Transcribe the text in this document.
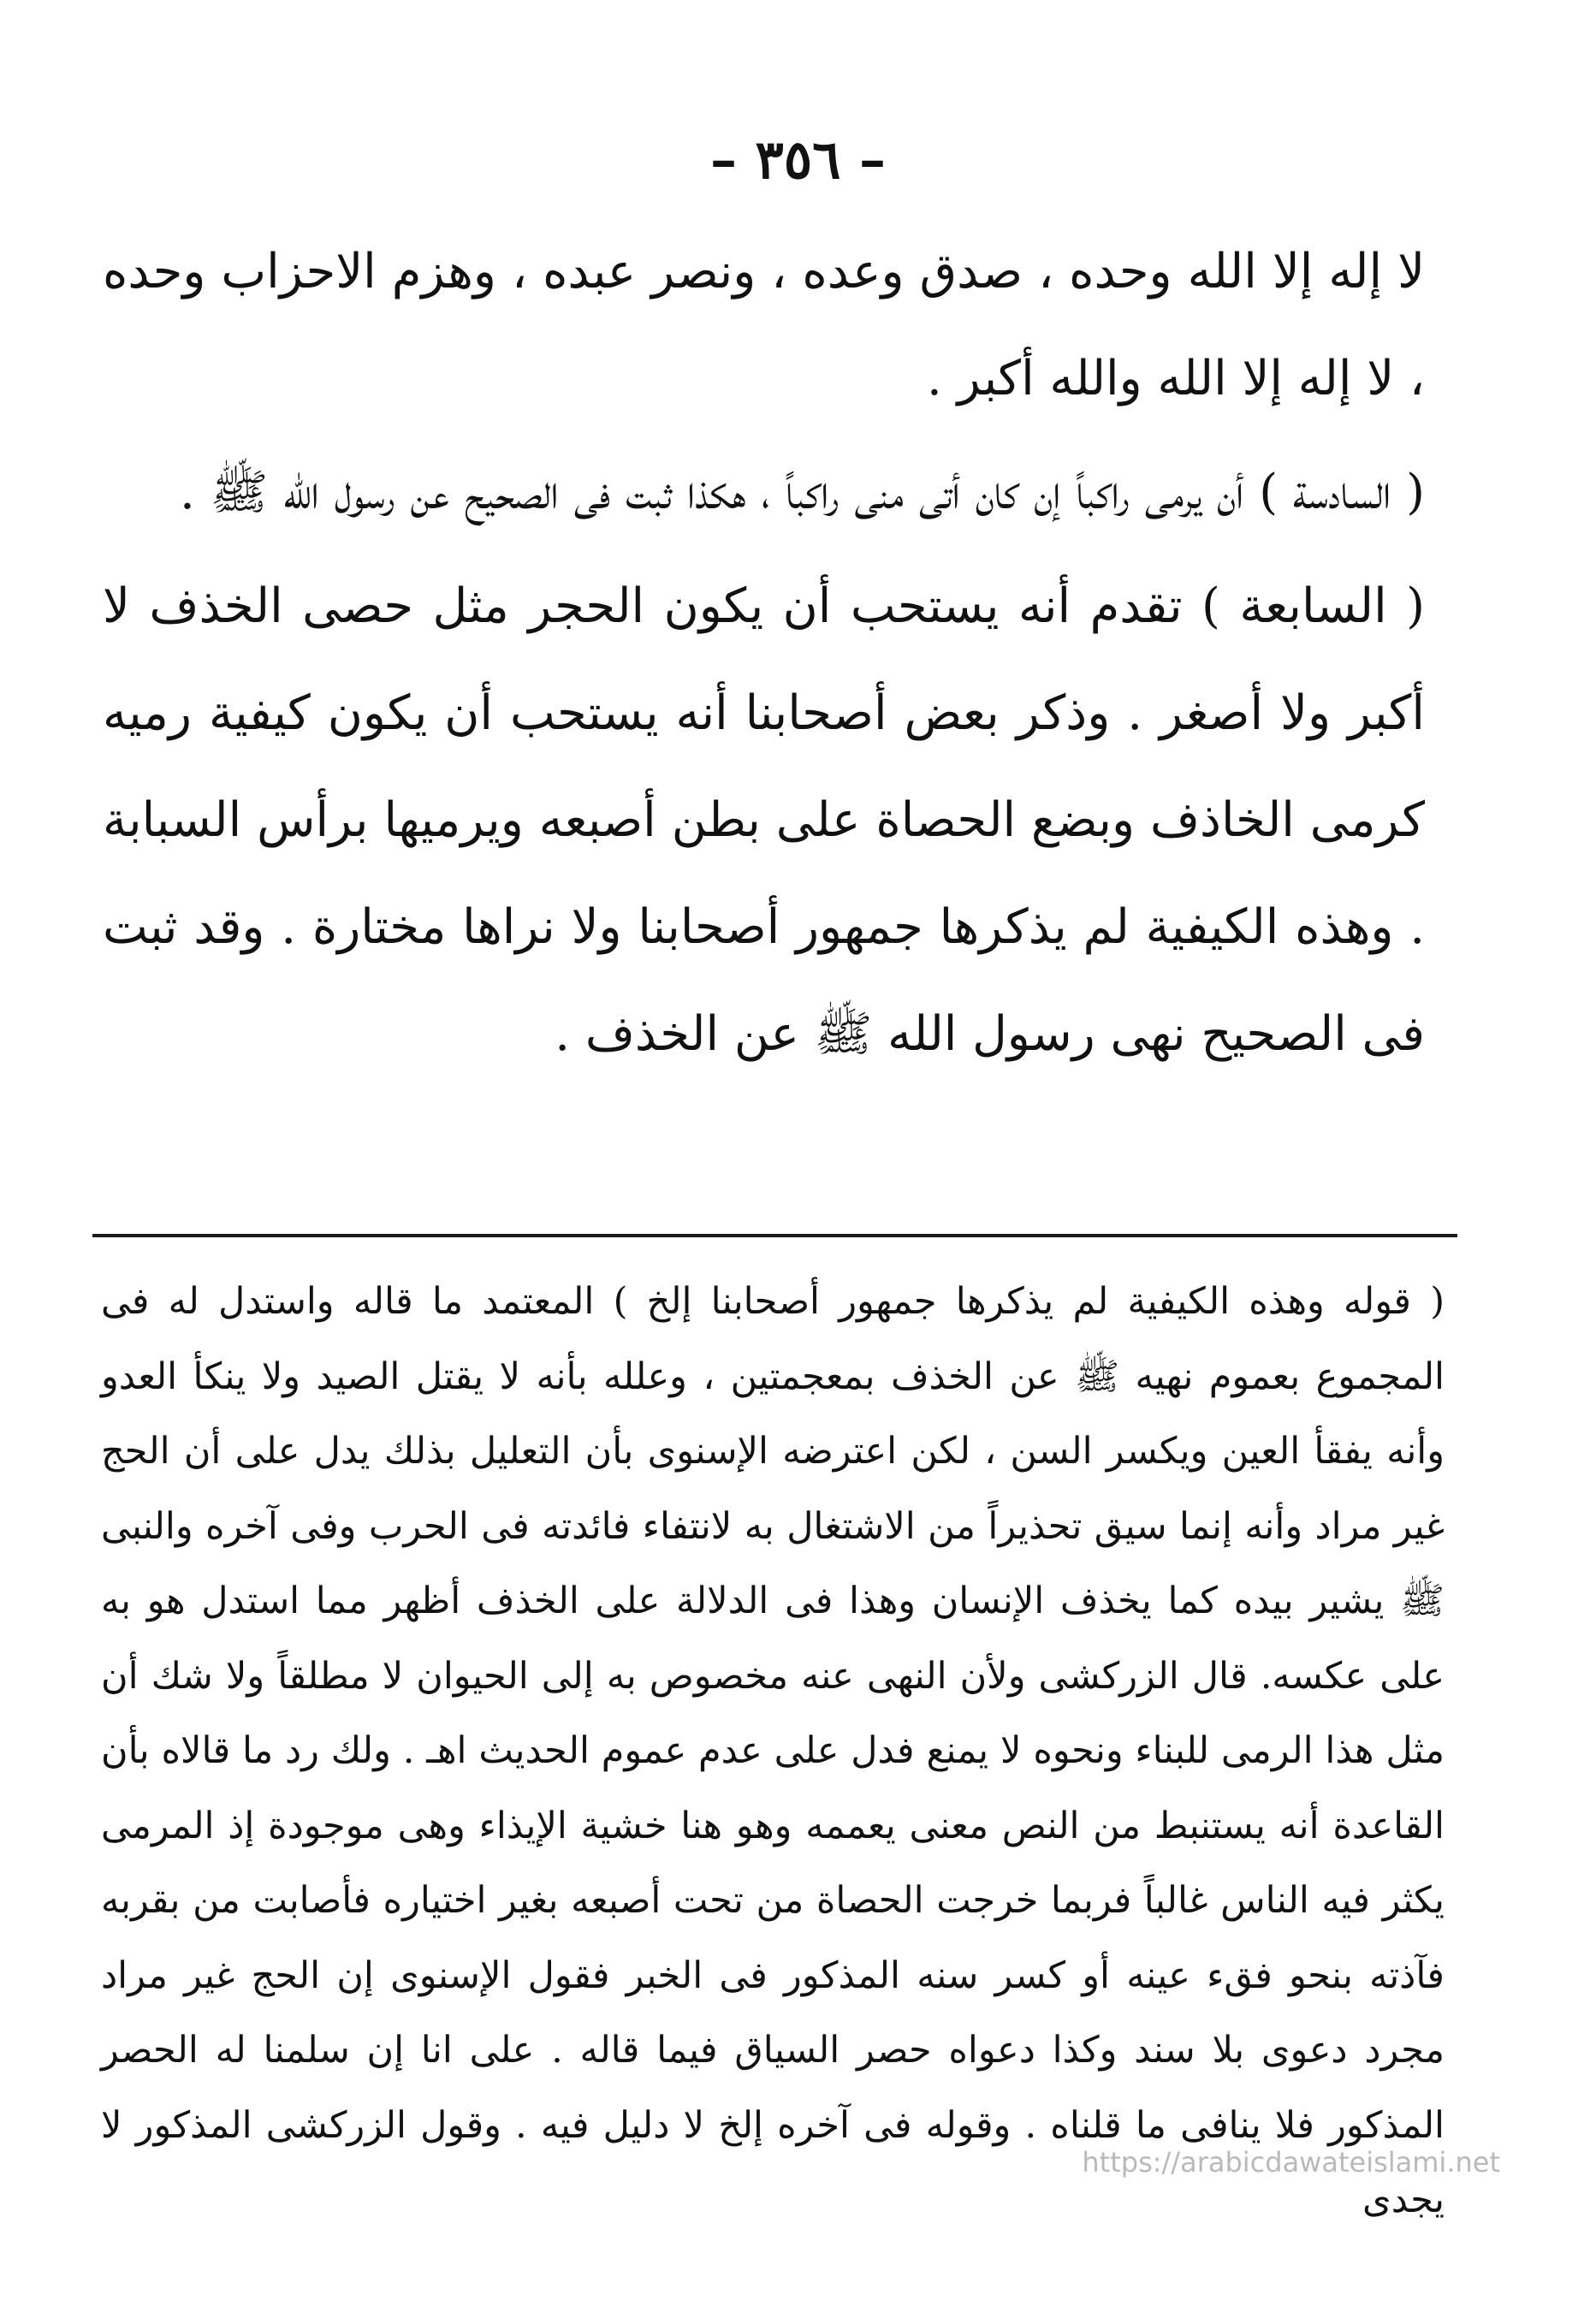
– ٣٥٦ –

لا إله إلا الله وحده ، صدق وعده ، ونصر عبده ، وهزم الاحزاب وحده ، لا إله إلا الله والله أكبر .

( السادسة ) أن يرمى راكباً إن كان أتى منى راكباً ، هكذا ثبت فى الصحيح عن رسول الله ﷺ .

( السابعة ) تقدم أنه يستحب أن يكون الحجر مثل حصى الخذف لا أكبر ولا أصغر . وذكر بعض أصحابنا أنه يستحب أن يكون كيفية رميه كرمى الخاذف وبضع الحصاة على بطن أصبعه ويرميها برأس السبابة . وهذه الكيفية لم يذكرها جمهور أصحابنا ولا نراها مختارة . وقد ثبت فى الصحيح نهى رسول الله ﷺ عن الخذف .

( قوله وهذه الكيفية لم يذكرها جمهور أصحابنا إلخ ) المعتمد ما قاله واستدل له فى المجموع بعموم نهيه ﷺ عن الخذف بمعجمتين ، وعلله بأنه لا يقتل الصيد ولا ينكأ العدو وأنه يفقأ العين ويكسر السن ، لكن اعترضه الإسنوى بأن التعليل بذلك يدل على أن الحج غير مراد وأنه إنما سيق تحذيراً من الاشتغال به لانتفاء فائدته فى الحرب وفى آخره والنبى ﷺ يشير بيده كما يخذف الإنسان وهذا فى الدلالة على الخذف أظهر مما استدل هو به على عكسه. قال الزركشى ولأن النهى عنه مخصوص به إلى الحيوان لا مطلقاً ولا شك أن مثل هذا الرمى للبناء ونحوه لا يمنع فدل على عدم عموم الحديث اهـ . ولك رد ما قالاه بأن القاعدة أنه يستنبط من النص معنى يعممه وهو هنا خشية الإيذاء وهى موجودة إذ المرمى يكثر فيه الناس غالباً فربما خرجت الحصاة من تحت أصبعه بغير اختياره فأصابت من بقربه فآذته بنحو فقء عينه أو كسر سنه المذكور فى الخبر فقول الإسنوى إن الحج غير مراد مجرد دعوى بلا سند وكذا دعواه حصر السياق فيما قاله . على انا إن سلمنا له الحصر المذكور فلا ينافى ما قلناه . وقوله فى آخره إلخ لا دليل فيه . وقول الزركشى المذكور لا يجدى

https://arabicdawateislami.net
